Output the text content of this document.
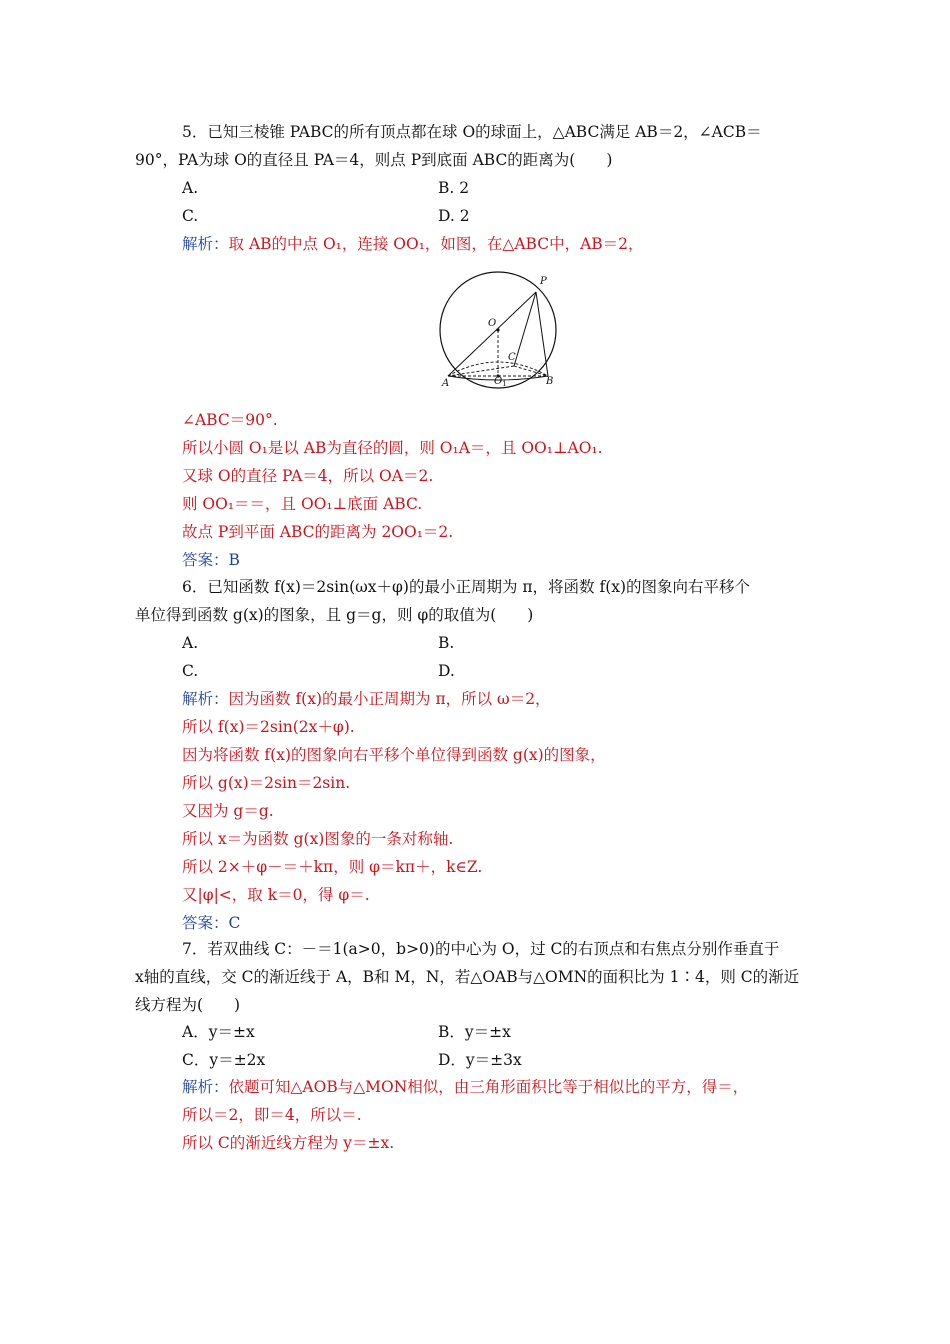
5．已知三棱锥 PABC的所有顶点都在球 O的球面上，△ABC满足 AB＝2，∠ACB＝
90°，PA为球 O的直径且 PA＝4，则点 P到底面 ABC的距离为(　　)
A.	B. 2
C.	D. 2
解析：取 AB的中点 O₁，连接 OO₁，如图，在△ABC中，AB＝2，
P
O
C
A	B
$O_1$
∠ABC＝90°.
所以小圆 O₁是以 AB为直径的圆，则 O₁A＝，且 OO₁⊥AO₁.
又球 O的直径 PA＝4，所以 OA＝2.
则 OO₁＝＝，且 OO₁⊥底面 ABC.
故点 P到平面 ABC的距离为 2OO₁＝2.
答案：B
6．已知函数 f(x)＝2sin(ωx＋φ)的最小正周期为 π，将函数 f(x)的图象向右平移个
单位得到函数 g(x)的图象，且 g＝g，则 φ的取值为(　　)
A.	B.
C.	D.
解析：因为函数 f(x)的最小正周期为 π，所以 ω＝2，
所以 f(x)＝2sin(2x＋φ).
因为将函数 f(x)的图象向右平移个单位得到函数 g(x)的图象，
所以 g(x)＝2sin＝2sin.
又因为 g＝g.
所以 x＝为函数 g(x)图象的一条对称轴.
所以 2×＋φ－＝＋kπ，则 φ＝kπ＋，k∈Z.
又|φ|<，取 k＝0，得 φ＝.
答案：C
7．若双曲线 C：－＝1(a>0，b>0)的中心为 O，过 C的右顶点和右焦点分别作垂直于
x轴的直线，交 C的渐近线于 A，B和 M，N，若△OAB与△OMN的面积比为 1∶4，则 C的渐近
线方程为(　　)
A．y＝±x	B．y＝±x
C．y＝±2x	D．y＝±3x
解析：依题可知△AOB与△MON相似，由三角形面积比等于相似比的平方，得＝，
所以＝2，即＝4，所以＝.
所以 C的渐近线方程为 y＝±x.
